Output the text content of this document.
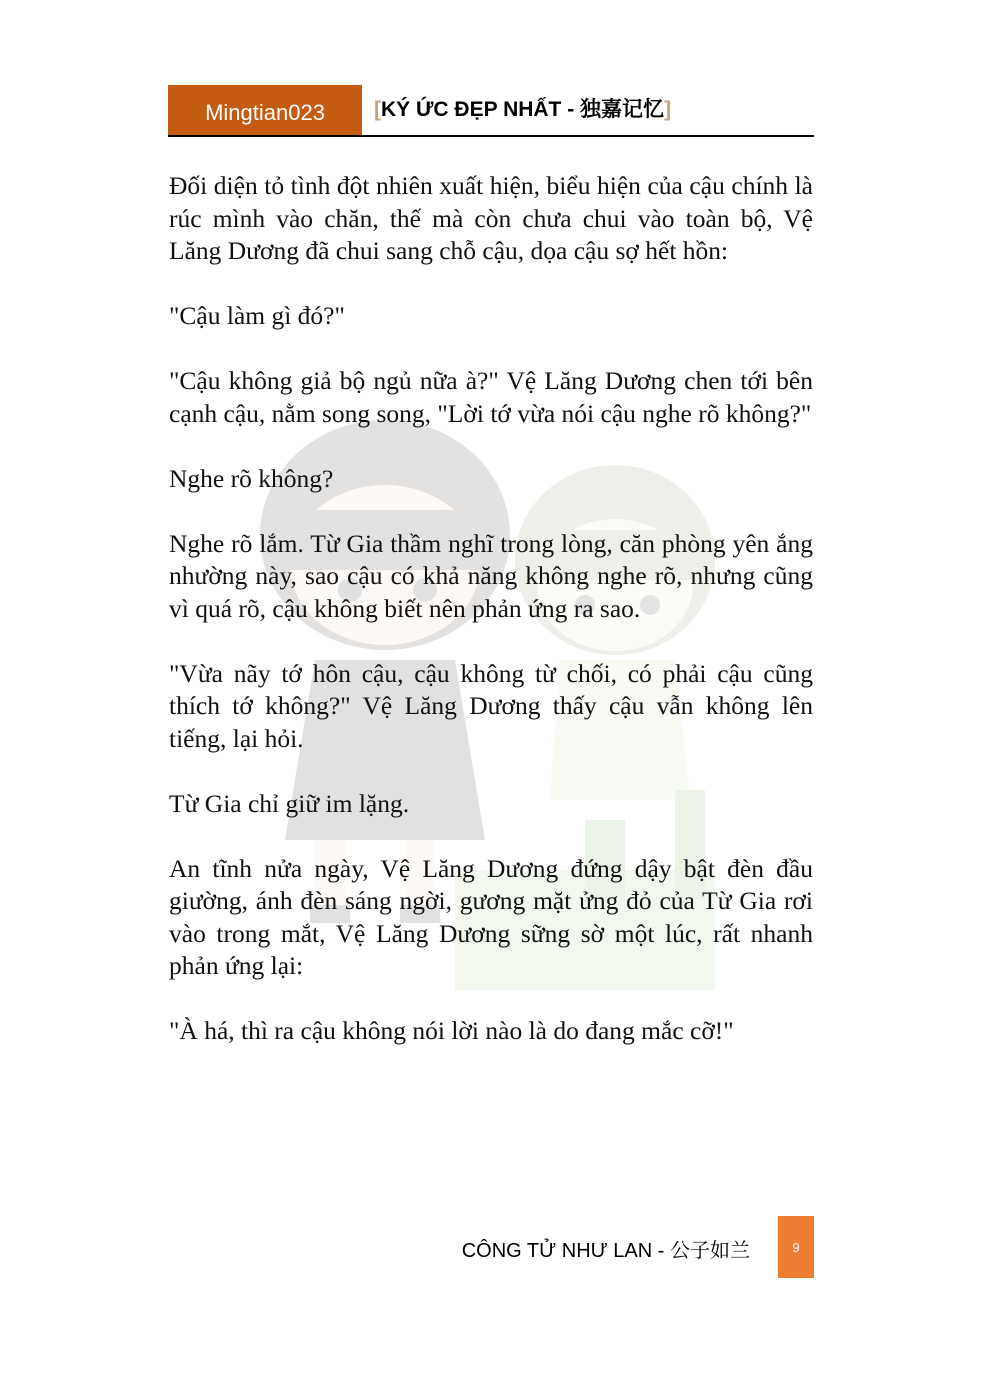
Mingtian023 [KÝ ỨC ĐẸP NHẤT - 独嘉记忆]

Đối diện tỏ tình đột nhiên xuất hiện, biểu hiện của cậu chính là rúc mình vào chăn, thế mà còn chưa chui vào toàn bộ, Vệ Lăng Dương đã chui sang chỗ cậu, dọa cậu sợ hết hồn:

"Cậu làm gì đó?"

"Cậu không giả bộ ngủ nữa à?" Vệ Lăng Dương chen tới bên cạnh cậu, nằm song song, "Lời tớ vừa nói cậu nghe rõ không?"

Nghe rõ không?

Nghe rõ lắm. Từ Gia thầm nghĩ trong lòng, căn phòng yên ắng nhường này, sao cậu có khả năng không nghe rõ, nhưng cũng vì quá rõ, cậu không biết nên phản ứng ra sao.

"Vừa nãy tớ hôn cậu, cậu không từ chối, có phải cậu cũng thích tớ không?" Vệ Lăng Dương thấy cậu vẫn không lên tiếng, lại hỏi.

Từ Gia chỉ giữ im lặng.

An tĩnh nửa ngày, Vệ Lăng Dương đứng dậy bật đèn đầu giường, ánh đèn sáng ngời, gương mặt ửng đỏ của Từ Gia rơi vào trong mắt, Vệ Lăng Dương sững sờ một lúc, rất nhanh phản ứng lại:

"À há, thì ra cậu không nói lời nào là do đang mắc cỡ!"

CÔNG TỬ NHƯ LAN - 公子如兰	9
